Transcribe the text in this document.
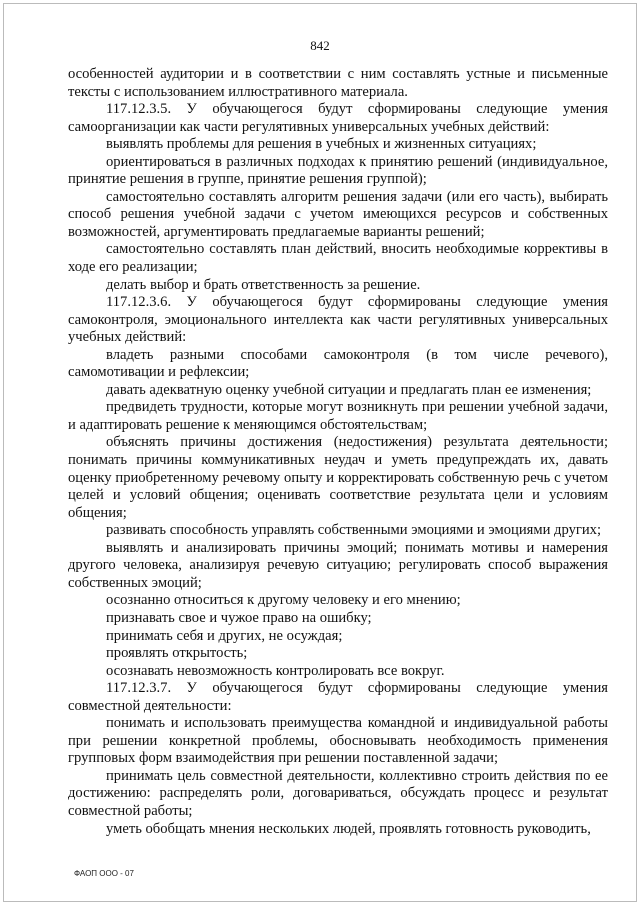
842

особенностей аудитории и в соответствии с ним составлять устные и письменные тексты с использованием иллюстративного материала.

117.12.3.5. У обучающегося будут сформированы следующие умения самоорганизации как части регулятивных универсальных учебных действий:

выявлять проблемы для решения в учебных и жизненных ситуациях;

ориентироваться в различных подходах к принятию решений (индивидуальное, принятие решения в группе, принятие решения группой);

самостоятельно составлять алгоритм решения задачи (или его часть), выбирать способ решения учебной задачи с учетом имеющихся ресурсов и собственных возможностей, аргументировать предлагаемые варианты решений;

самостоятельно составлять план действий, вносить необходимые коррективы в ходе его реализации;

делать выбор и брать ответственность за решение.

117.12.3.6. У обучающегося будут сформированы следующие умения самоконтроля, эмоционального интеллекта как части регулятивных универсальных учебных действий:

владеть разными способами самоконтроля (в том числе речевого), самомотивации и рефлексии;

давать адекватную оценку учебной ситуации и предлагать план ее изменения;

предвидеть трудности, которые могут возникнуть при решении учебной задачи, и адаптировать решение к меняющимся обстоятельствам;

объяснять причины достижения (недостижения) результата деятельности; понимать причины коммуникативных неудач и уметь предупреждать их, давать оценку приобретенному речевому опыту и корректировать собственную речь с учетом целей и условий общения; оценивать соответствие результата цели и условиям общения;

развивать способность управлять собственными эмоциями и эмоциями других;

выявлять и анализировать причины эмоций; понимать мотивы и намерения другого человека, анализируя речевую ситуацию; регулировать способ выражения собственных эмоций;

осознанно относиться к другому человеку и его мнению;

признавать свое и чужое право на ошибку;

принимать себя и других, не осуждая;

проявлять открытость;

осознавать невозможность контролировать все вокруг.

117.12.3.7. У обучающегося будут сформированы следующие умения совместной деятельности:

понимать и использовать преимущества командной и индивидуальной работы при решении конкретной проблемы, обосновывать необходимость применения групповых форм взаимодействия при решении поставленной задачи;

принимать цель совместной деятельности, коллективно строить действия по ее достижению: распределять роли, договариваться, обсуждать процесс и результат совместной работы;

уметь обобщать мнения нескольких людей, проявлять готовность руководить,

ФАОП ООО - 07
